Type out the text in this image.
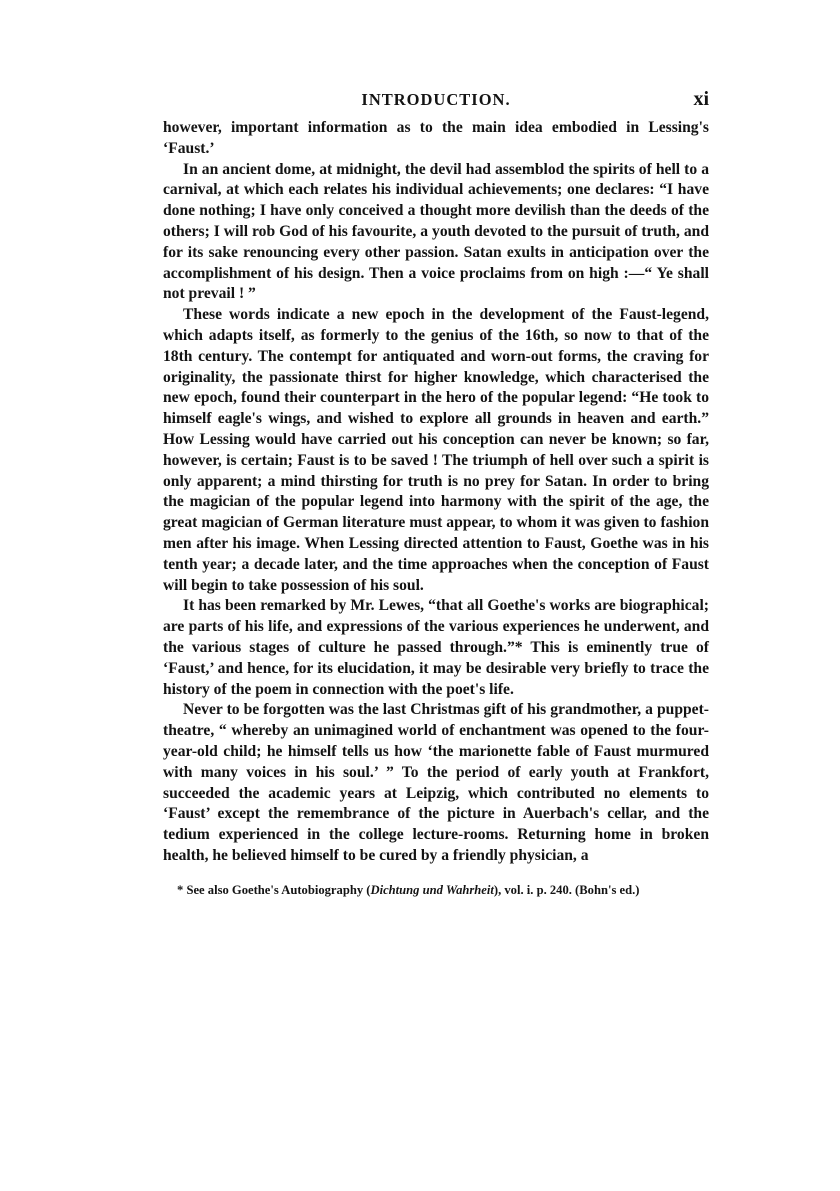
INTRODUCTION.	xi

however, important information as to the main idea embodied in Lessing's ‘Faust.’

In an ancient dome, at midnight, the devil had assemblod the spirits of hell to a carnival, at which each relates his individual achievements; one declares: “I have done nothing; I have only conceived a thought more devilish than the deeds of the others; I will rob God of his favourite, a youth devoted to the pursuit of truth, and for its sake renouncing every other passion. Satan exults in anticipation over the accomplishment of his design. Then a voice proclaims from on high :—“ Ye shall not prevail ! ”

These words indicate a new epoch in the development of the Faust-legend, which adapts itself, as formerly to the genius of the 16th, so now to that of the 18th century. The contempt for antiquated and worn-out forms, the craving for originality, the passionate thirst for higher knowledge, which characterised the new epoch, found their counterpart in the hero of the popular legend: “He took to himself eagle's wings, and wished to explore all grounds in heaven and earth.” How Lessing would have carried out his conception can never be known; so far, however, is certain; Faust is to be saved ! The triumph of hell over such a spirit is only apparent; a mind thirsting for truth is no prey for Satan. In order to bring the magician of the popular legend into harmony with the spirit of the age, the great magician of German literature must appear, to whom it was given to fashion men after his image. When Lessing directed attention to Faust, Goethe was in his tenth year; a decade later, and the time approaches when the conception of Faust will begin to take possession of his soul.

It has been remarked by Mr. Lewes, “that all Goethe's works are biographical; are parts of his life, and expressions of the various experiences he underwent, and the various stages of culture he passed through.”* This is eminently true of ‘Faust,’ and hence, for its elucidation, it may be desirable very briefly to trace the history of the poem in connection with the poet's life.

Never to be forgotten was the last Christmas gift of his grandmother, a puppet-theatre, “ whereby an unimagined world of enchantment was opened to the four-year-old child; he himself tells us how ‘the marionette fable of Faust murmured with many voices in his soul.’ ” To the period of early youth at Frankfort, succeeded the academic years at Leipzig, which contributed no elements to ‘Faust’ except the remembrance of the picture in Auerbach's cellar, and the tedium experienced in the college lecture-rooms. Returning home in broken health, he believed himself to be cured by a friendly physician, a

* See also Goethe's Autobiography (Dichtung und Wahrheit), vol. i. p. 240. (Bohn's ed.)
